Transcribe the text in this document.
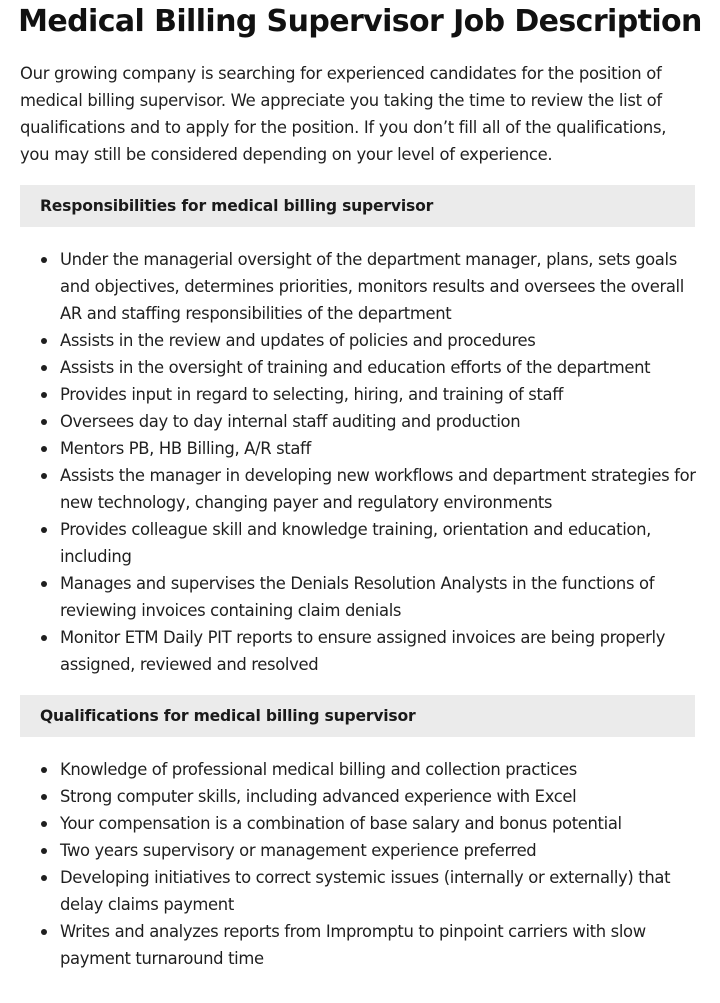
Medical Billing Supervisor Job Description

Our growing company is searching for experienced candidates for the position of medical billing supervisor. We appreciate you taking the time to review the list of qualifications and to apply for the position. If you don’t fill all of the qualifications, you may still be considered depending on your level of experience.

Responsibilities for medical billing supervisor
Under the managerial oversight of the department manager, plans, sets goals and objectives, determines priorities, monitors results and oversees the overall AR and staffing responsibilities of the department
Assists in the review and updates of policies and procedures
Assists in the oversight of training and education efforts of the department
Provides input in regard to selecting, hiring, and training of staff
Oversees day to day internal staff auditing and production
Mentors PB, HB Billing, A/R staff
Assists the manager in developing new workflows and department strategies for new technology, changing payer and regulatory environments
Provides colleague skill and knowledge training, orientation and education, including
Manages and supervises the Denials Resolution Analysts in the functions of reviewing invoices containing claim denials
Monitor ETM Daily PIT reports to ensure assigned invoices are being properly assigned, reviewed and resolved
Qualifications for medical billing supervisor
Knowledge of professional medical billing and collection practices
Strong computer skills, including advanced experience with Excel
Your compensation is a combination of base salary and bonus potential
Two years supervisory or management experience preferred
Developing initiatives to correct systemic issues (internally or externally) that delay claims payment
Writes and analyzes reports from Impromptu to pinpoint carriers with slow payment turnaround time
